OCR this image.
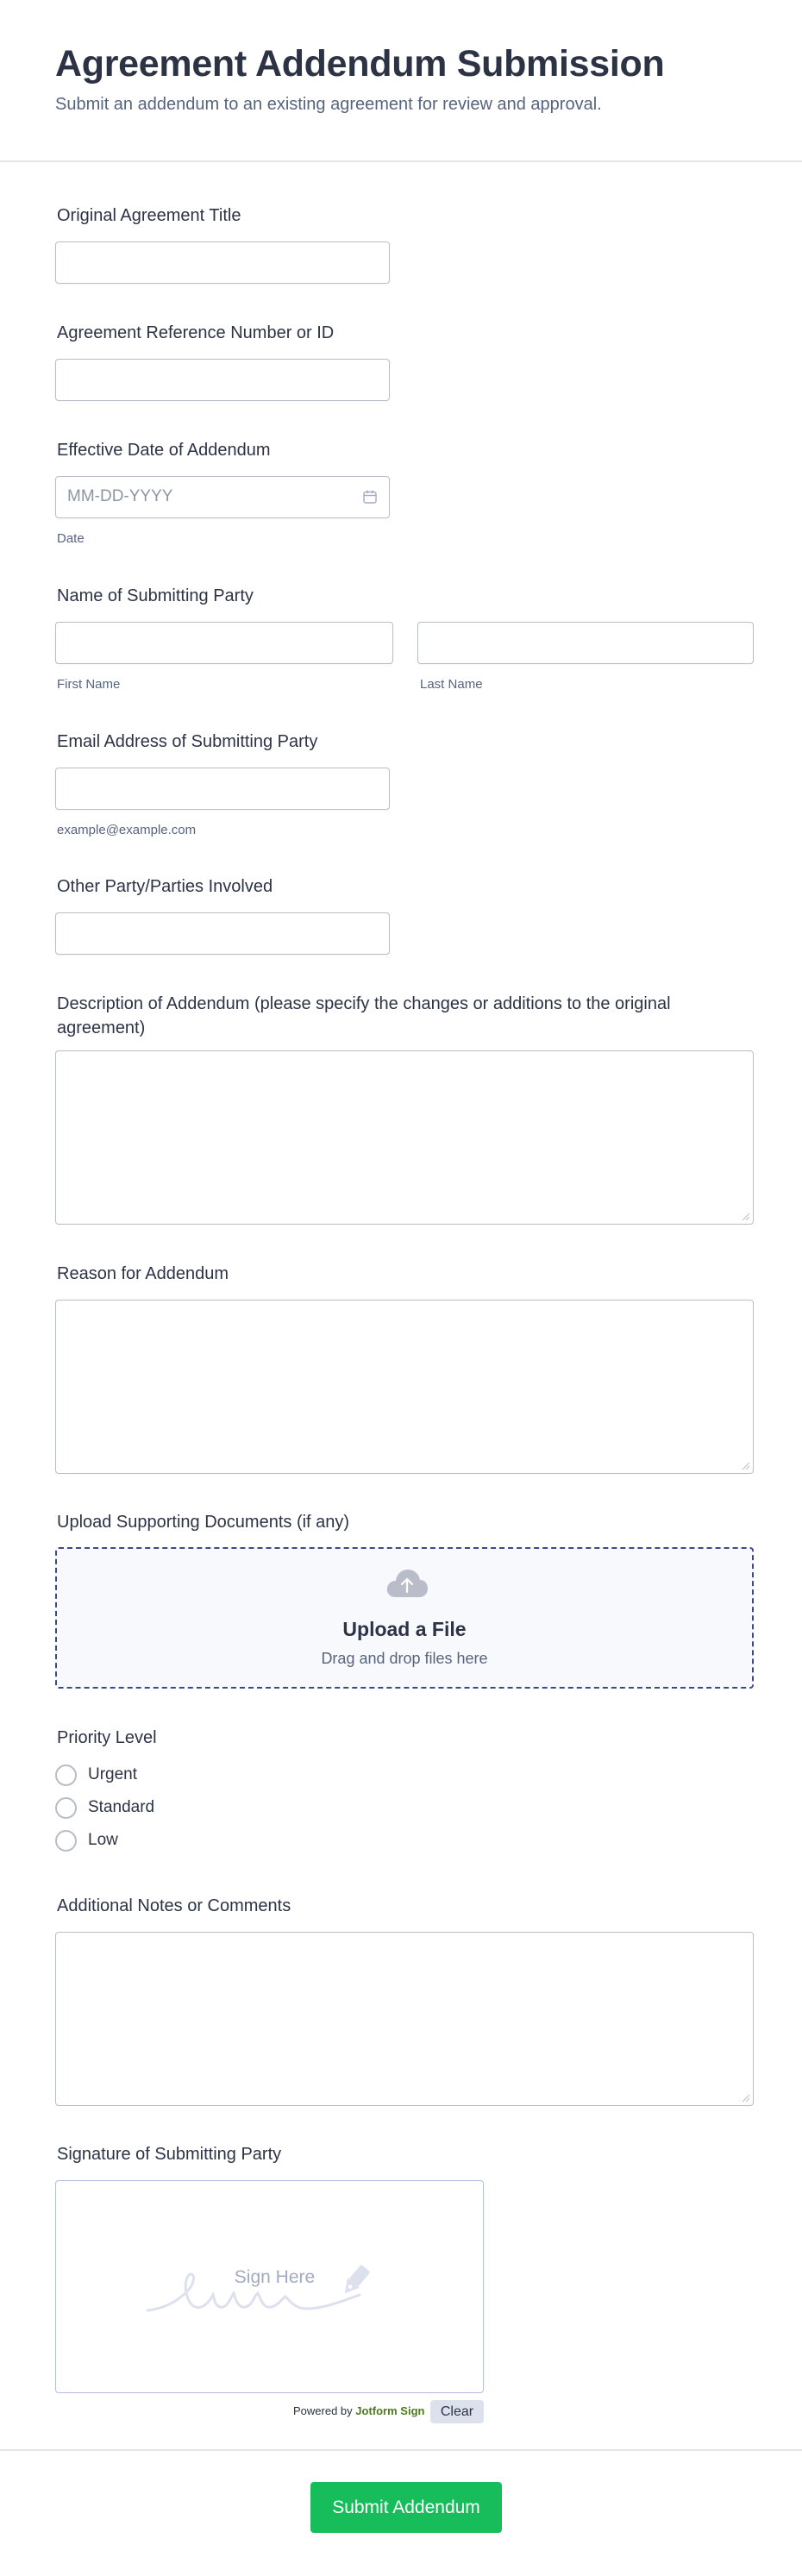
Agreement Addendum Submission
Submit an addendum to an existing agreement for review and approval.
Original Agreement Title
Agreement Reference Number or ID
Effective Date of Addendum
MM-DD-YYYY
Date
Name of Submitting Party
First Name	Last Name
Email Address of Submitting Party
example@example.com
Other Party/Parties Involved
Description of Addendum (please specify the changes or additions to the original agreement)
Reason for Addendum
Upload Supporting Documents (if any)
Upload a File
Drag and drop files here
Priority Level
Urgent
Standard
Low
Additional Notes or Comments
Signature of Submitting Party
Sign Here
Powered by Jotform Sign	Clear
Submit Addendum
